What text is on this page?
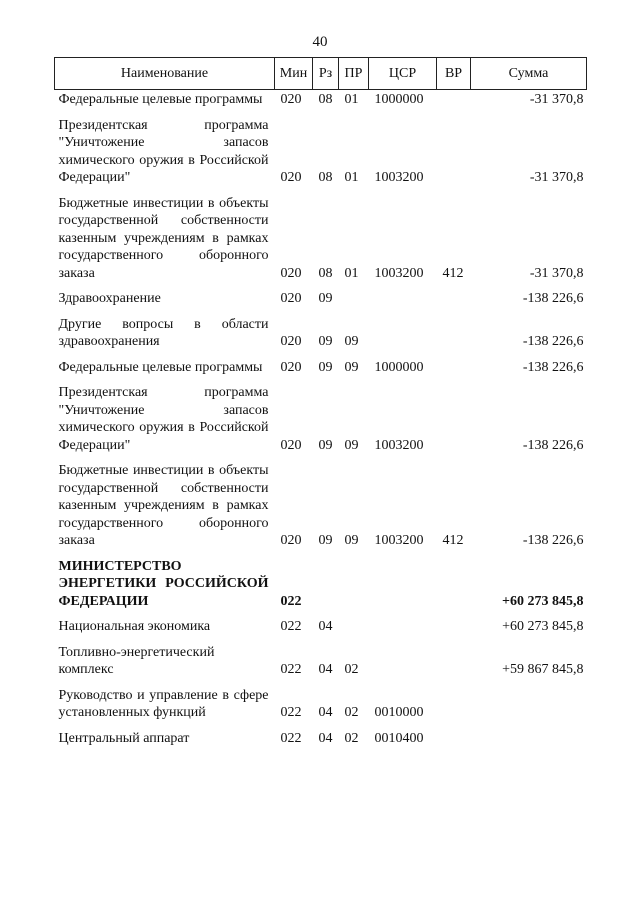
40
Наименование	Мин	Рз	ПР	ЦСР	ВР	Сумма
Федеральные целевые программы	020	08	01	1000000		-31 370,8
Президентская программа "Уничтожение запасов химического оружия в Российской Федерации"	020	08	01	1003200		-31 370,8
Бюджетные инвестиции в объекты государственной собственности казенным учреждениям в рамках государственного оборонного заказа	020	08	01	1003200	412	-31 370,8
Здравоохранение	020	09				-138 226,6
Другие вопросы в области здравоохранения	020	09	09			-138 226,6
Федеральные целевые программы	020	09	09	1000000		-138 226,6
Президентская программа "Уничтожение запасов химического оружия в Российской Федерации"	020	09	09	1003200		-138 226,6
Бюджетные инвестиции в объекты государственной собственности казенным учреждениям в рамках государственного оборонного заказа	020	09	09	1003200	412	-138 226,6
МИНИСТЕРСТВО ЭНЕРГЕТИКИ РОССИЙСКОЙ ФЕДЕРАЦИИ	022					+60 273 845,8
Национальная экономика	022	04				+60 273 845,8
Топливно-энергетический комплекс	022	04	02			+59 867 845,8
Руководство и управление в сфере установленных функций	022	04	02	0010000		
Центральный аппарат	022	04	02	0010400		
